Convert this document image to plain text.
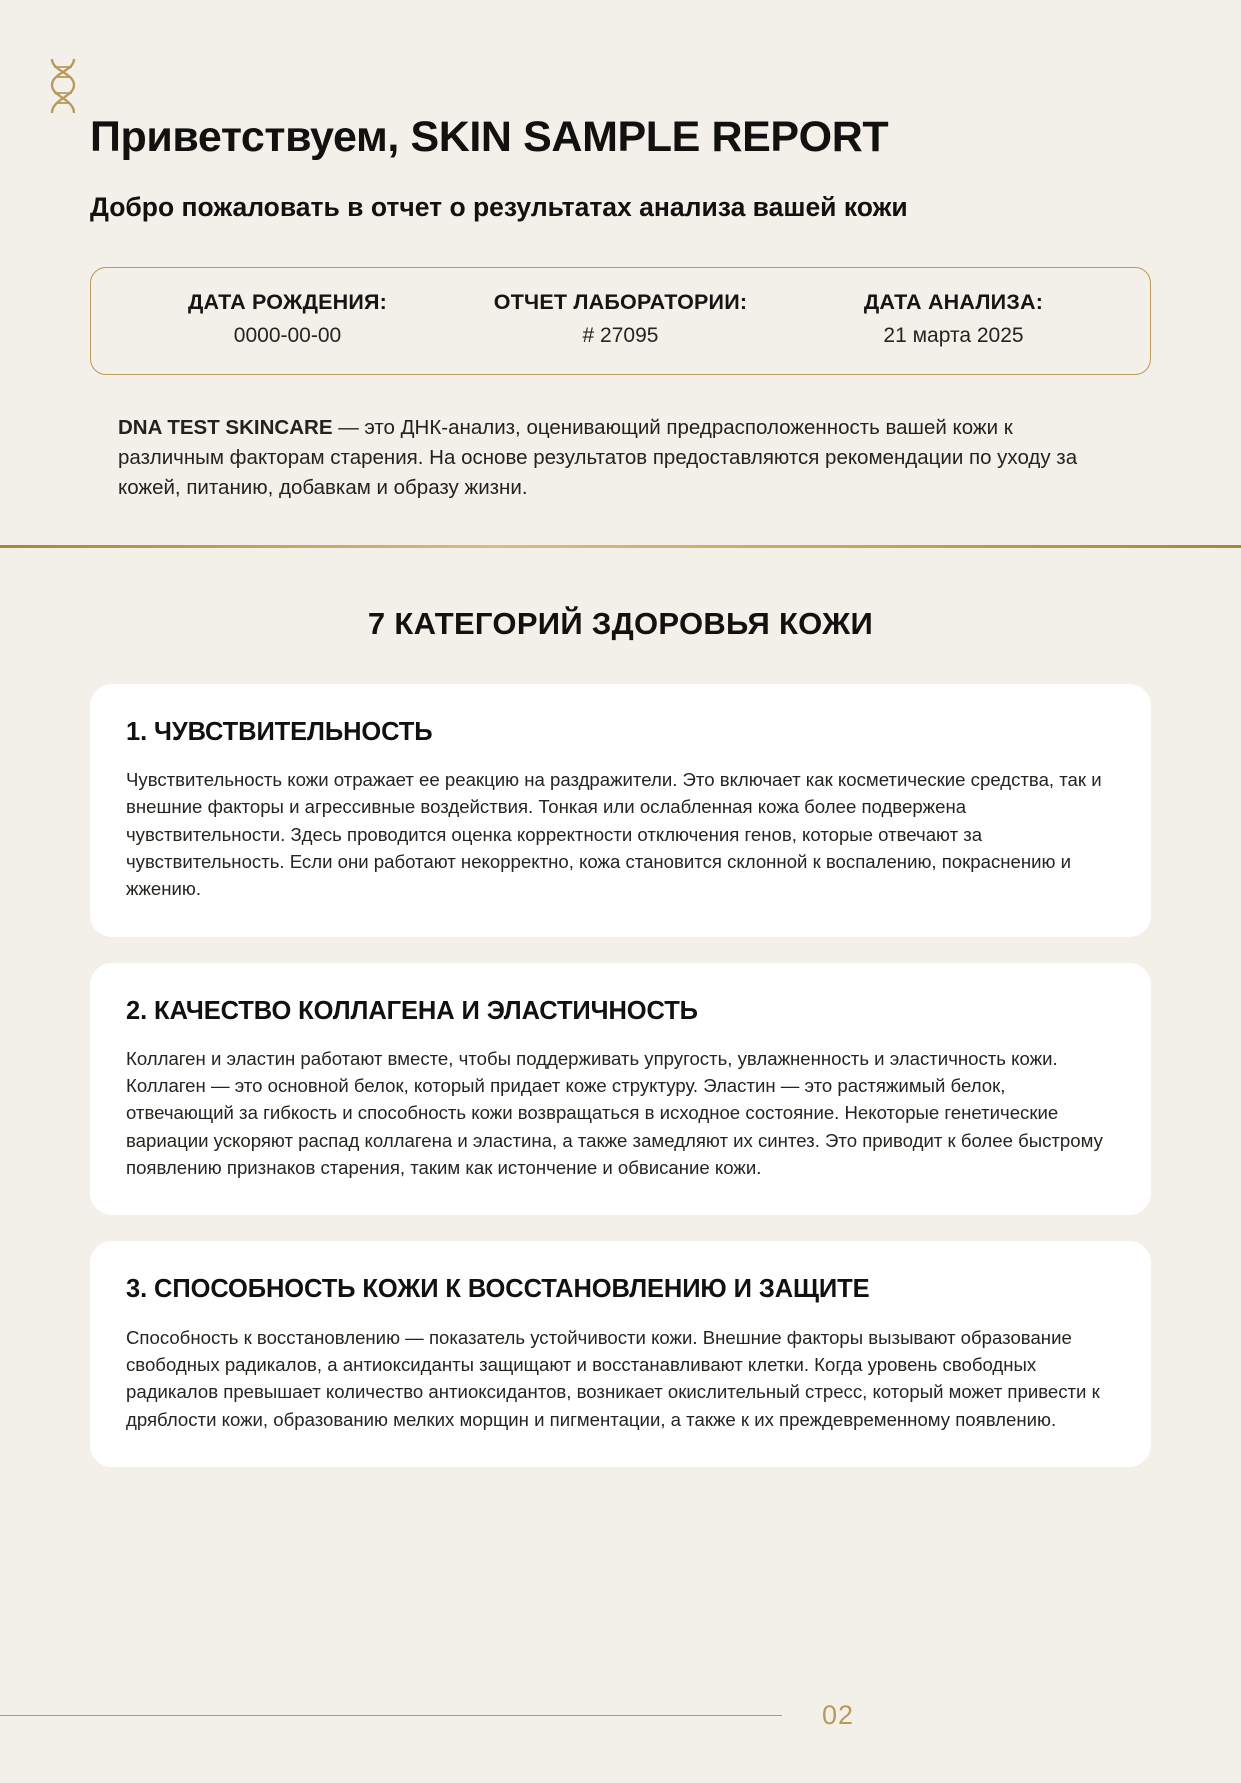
Приветствуем, SKIN SAMPLE REPORT
Добро пожаловать в отчет о результатах анализа вашей кожи
ДАТА РОЖДЕНИЯ:
0000-00-00
ОТЧЕТ ЛАБОРАТОРИИ:
# 27095
ДАТА АНАЛИЗА:
21 марта 2025

DNA TEST SKINCARE — это ДНК-анализ, оценивающий предрасположенность вашей кожи к различным факторам старения. На основе результатов предоставляются рекомендации по уходу за кожей, питанию, добавкам и образу жизни.

7 КАТЕГОРИЙ ЗДОРОВЬЯ КОЖИ
1. ЧУВСТВИТЕЛЬНОСТЬ
Чувствительность кожи отражает ее реакцию на раздражители. Это включает как косметические средства, так и внешние факторы и агрессивные воздействия. Тонкая или ослабленная кожа более подвержена чувствительности. Здесь проводится оценка корректности отключения генов, которые отвечают за чувствительность. Если они работают некорректно, кожа становится склонной к воспалению, покраснению и жжению.
2. КАЧЕСТВО КОЛЛАГЕНА И ЭЛАСТИЧНОСТЬ
Коллаген и эластин работают вместе, чтобы поддерживать упругость, увлажненность и эластичность кожи. Коллаген — это основной белок, который придает коже структуру. Эластин — это растяжимый белок, отвечающий за гибкость и способность кожи возвращаться в исходное состояние. Некоторые генетические вариации ускоряют распад коллагена и эластина, а также замедляют их синтез. Это приводит к более быстрому появлению признаков старения, таким как истончение и обвисание кожи.
3. СПОСОБНОСТЬ КОЖИ К ВОССТАНОВЛЕНИЮ И ЗАЩИТЕ
Способность к восстановлению — показатель устойчивости кожи. Внешние факторы вызывают образование свободных радикалов, а антиоксиданты защищают и восстанавливают клетки. Когда уровень свободных радикалов превышает количество антиоксидантов, возникает окислительный стресс, который может привести к дряблости кожи, образованию мелких морщин и пигментации, а также к их преждевременному появлению.
02
